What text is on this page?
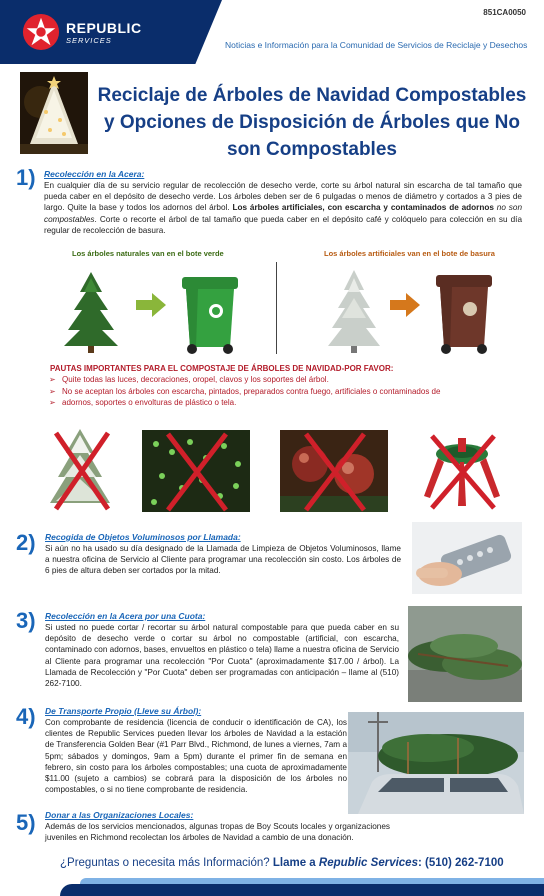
REPUBLIC
SERVICES
851CA0050
Noticias e Información para la Comunidad de Servicios de Reciclaje y Desechos
Reciclaje de Árboles de Navidad Compostables y Opciones de Disposición de Árboles que No son Compostables
1) Recolección en la Acera:
En cualquier día de su servicio regular de recolección de desecho verde, corte su árbol natural sin escarcha de tal tamaño que pueda caber en el depósito de desecho verde. Los árboles deben ser de 6 pulgadas o menos de diámetro y cortados a 3 pies de largo. Quite la base y todos los adornos del árbol. Los árboles artificiales, con escarcha y contaminados de adornos no son compostables. Corte o recorte el árbol de tal tamaño que pueda caber en el depósito café y colóquelo para colección en su día regular de recolección de basura.
Los árboles naturales van en el bote verde	Los árboles artificiales van en el bote de basura
PAUTAS IMPORTANTES PARA EL COMPOSTAJE DE ÁRBOLES DE NAVIDAD-POR FAVOR:
➢ Quite todas las luces, decoraciones, oropel, clavos y los soportes del árbol.
➢ No se aceptan los árboles con escarcha, pintados, preparados contra fuego, artificiales o contaminados de
➢ adornos, soportes o envolturas de plástico o tela.
2) Recogida de Objetos Voluminosos por Llamada:
Si aún no ha usado su día designado de la Llamada de Limpieza de Objetos Voluminosos, llame a nuestra oficina de Servicio al Cliente para programar una recolección sin costo. Los árboles de 6 pies de altura deben ser cortados por la mitad.
3) Recolección en la Acera por una Cuota:
Si usted no puede cortar / recortar su árbol natural compostable para que pueda caber en su depósito de desecho verde o cortar su árbol no compostable (artificial, con escarcha, contaminado con adornos, bases, envueltos en plástico o tela) llame a nuestra oficina de Servicio al Cliente para programar una recolección "Por Cuota" (aproximadamente $17.00 / árbol). La Llamada de Recolección y "Por Cuota" deben ser programadas con anticipación – llame al (510) 262-7100.
4) De Transporte Propio (Lleve su Árbol):
Con comprobante de residencia (licencia de conducir o identificación de CA), los clientes de Republic Services pueden llevar los árboles de Navidad a la estación de Transferencia Golden Bear (#1 Parr Blvd., Richmond, de lunes a viernes, 7am a 5pm; sábados y domingos, 9am a 5pm) durante el primer fin de semana en febrero, sin costo para los árboles compostables; una cuota de aproximadamente $11.00 (sujeto a cambios) se cobrará para la disposición de los árboles no compostables, o si no tiene comprobante de residencia.
5) Donar a las Organizaciones Locales:
Además de los servicios mencionados, algunas tropas de Boy Scouts locales y organizaciones juveniles en Richmond recolectan los árboles de Navidad a cambio de una donación.
¿Preguntas o necesita más Información? Llame a Republic Services: (510) 262-7100
